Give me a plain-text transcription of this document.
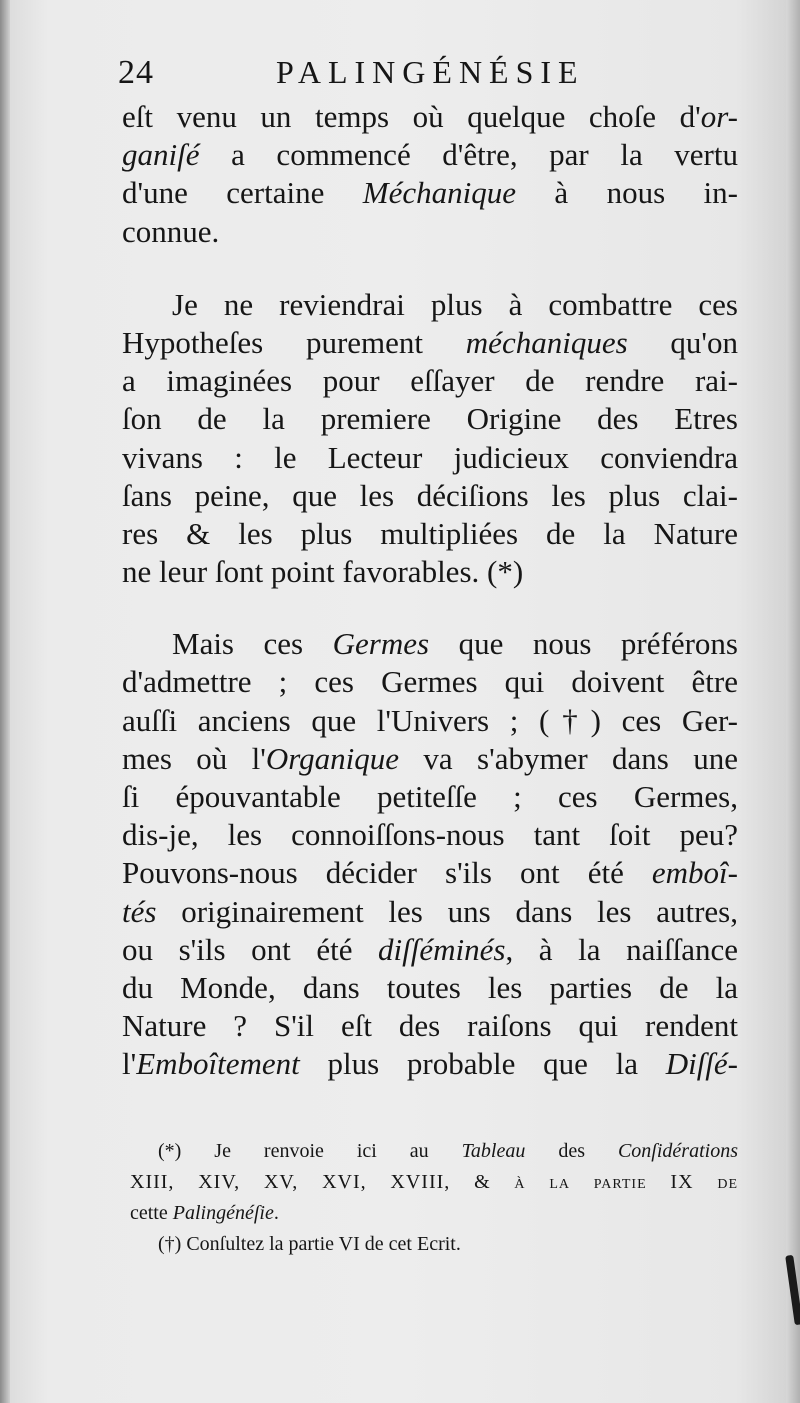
24	PALINGÉNÉSIE
eſt venu un temps où quelque choſe d'or-
ganiſé a commencé d'être, par la vertu
d'une certaine Méchanique à nous in-
connue.
Je ne reviendrai plus à combattre ces
Hypotheſes purement méchaniques qu'on
a imaginées pour eſſayer de rendre rai-
ſon de la premiere Origine des Etres
vivans : le Lecteur judicieux conviendra
ſans peine, que les déciſions les plus clai-
res & les plus multipliées de la Nature
ne leur ſont point favorables. (*)
Mais ces Germes que nous préférons
d'admettre ; ces Germes qui doivent être
auſſi anciens que l'Univers ; (†) ces Ger-
mes où l'Organique va s'abymer dans une
ſi épouvantable petiteſſe ; ces Germes,
dis-je, les connoiſſons-nous tant ſoit peu?
Pouvons-nous décider s'ils ont été emboî-
tés originairement les uns dans les autres,
ou s'ils ont été diſſéminés, à la naiſſance
du Monde, dans toutes les parties de la
Nature ? S'il eſt des raiſons qui rendent
l'Emboîtement plus probable que la Diſſé-
(*) Je renvoie ici au Tableau des Conſidérations
XIII, XIV, XV, XVI, XVIII, & à la partie IX de
cette Palingénéſie.
(†) Conſultez la partie VI de cet Ecrit.
